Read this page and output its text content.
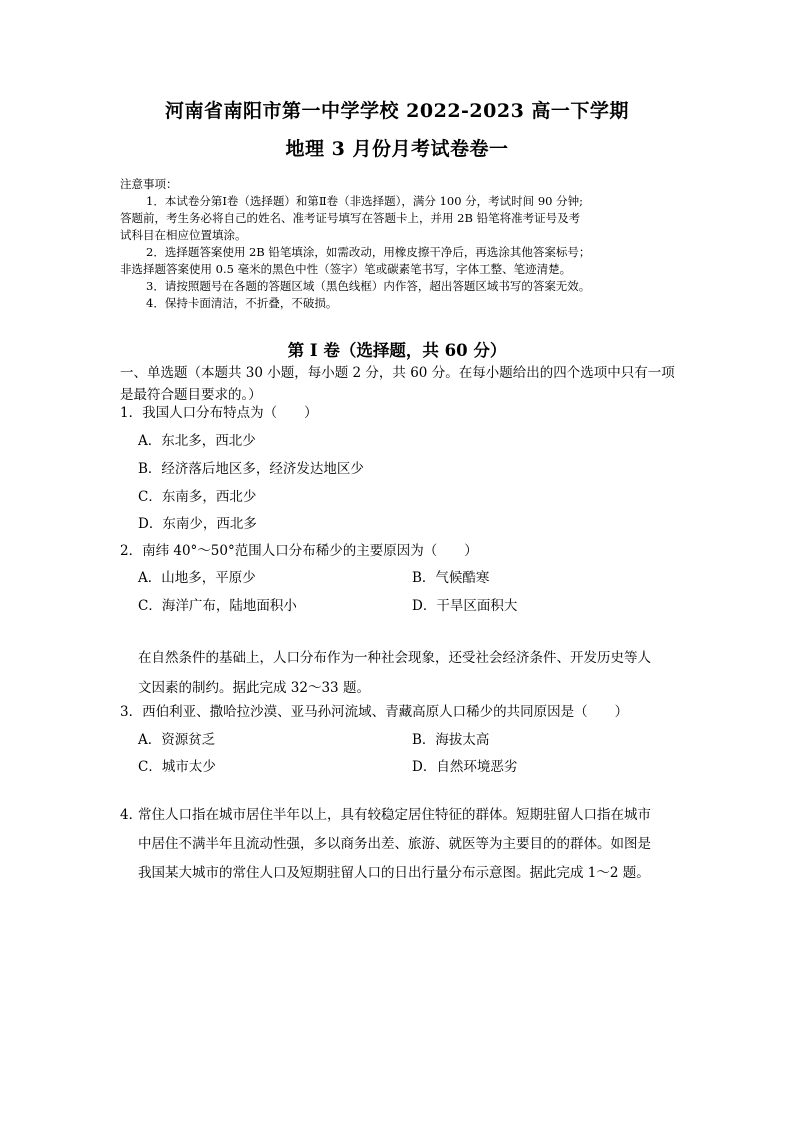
河南省南阳市第一中学学校 2022-2023 高一下学期
地理 3 月份月考试卷卷一

注意事项：

1．本试卷分第Ⅰ卷（选择题）和第Ⅱ卷（非选择题），满分 100 分，考试时间 90 分钟;

答题前，考生务必将自己的姓名、准考证号填写在答题卡上，并用 2B 铅笔将准考证号及考

试科目在相应位置填涂。

2．选择题答案使用 2B 铅笔填涂，如需改动，用橡皮擦干净后，再选涂其他答案标号；

非选择题答案使用 0.5 毫米的黑色中性（签字）笔或碳素笔书写，字体工整、笔迹清楚。

3．请按照题号在各题的答题区域（黑色线框）内作答，超出答题区域书写的答案无效。

4．保持卡面清洁，不折叠，不破损。

第 I 卷（选择题，共 60 分）
一、单选题（本题共 30 小题，每小题 2 分，共 60 分。在每小题给出的四个选项中只有一项
是最符合题目要求的。）
1．我国人口分布特点为（　　）
A．东北多，西北少
B．经济落后地区多，经济发达地区少
C．东南多，西北少
D．东南少，西北多
2．南纬 40°～50°范围人口分布稀少的主要原因为（　　）
A．山地多，平原少	B．气候酷寒
C．海洋广布，陆地面积小	D．干旱区面积大
在自然条件的基础上，人口分布作为一种社会现象，还受社会经济条件、开发历史等人
文因素的制约。据此完成 32～33 题。
3．西伯利亚、撒哈拉沙漠、亚马孙河流域、青藏高原人口稀少的共同原因是（　　）
A．资源贫乏	B．海拔太高
C．城市太少	D．自然环境恶劣
4．常住人口指在城市居住半年以上，具有较稳定居住特征的群体。短期驻留人口指在城市
中居住不满半年且流动性强，多以商务出差、旅游、就医等为主要目的的群体。如图是
我国某大城市的常住人口及短期驻留人口的日出行量分布示意图。据此完成 1～2 题。
